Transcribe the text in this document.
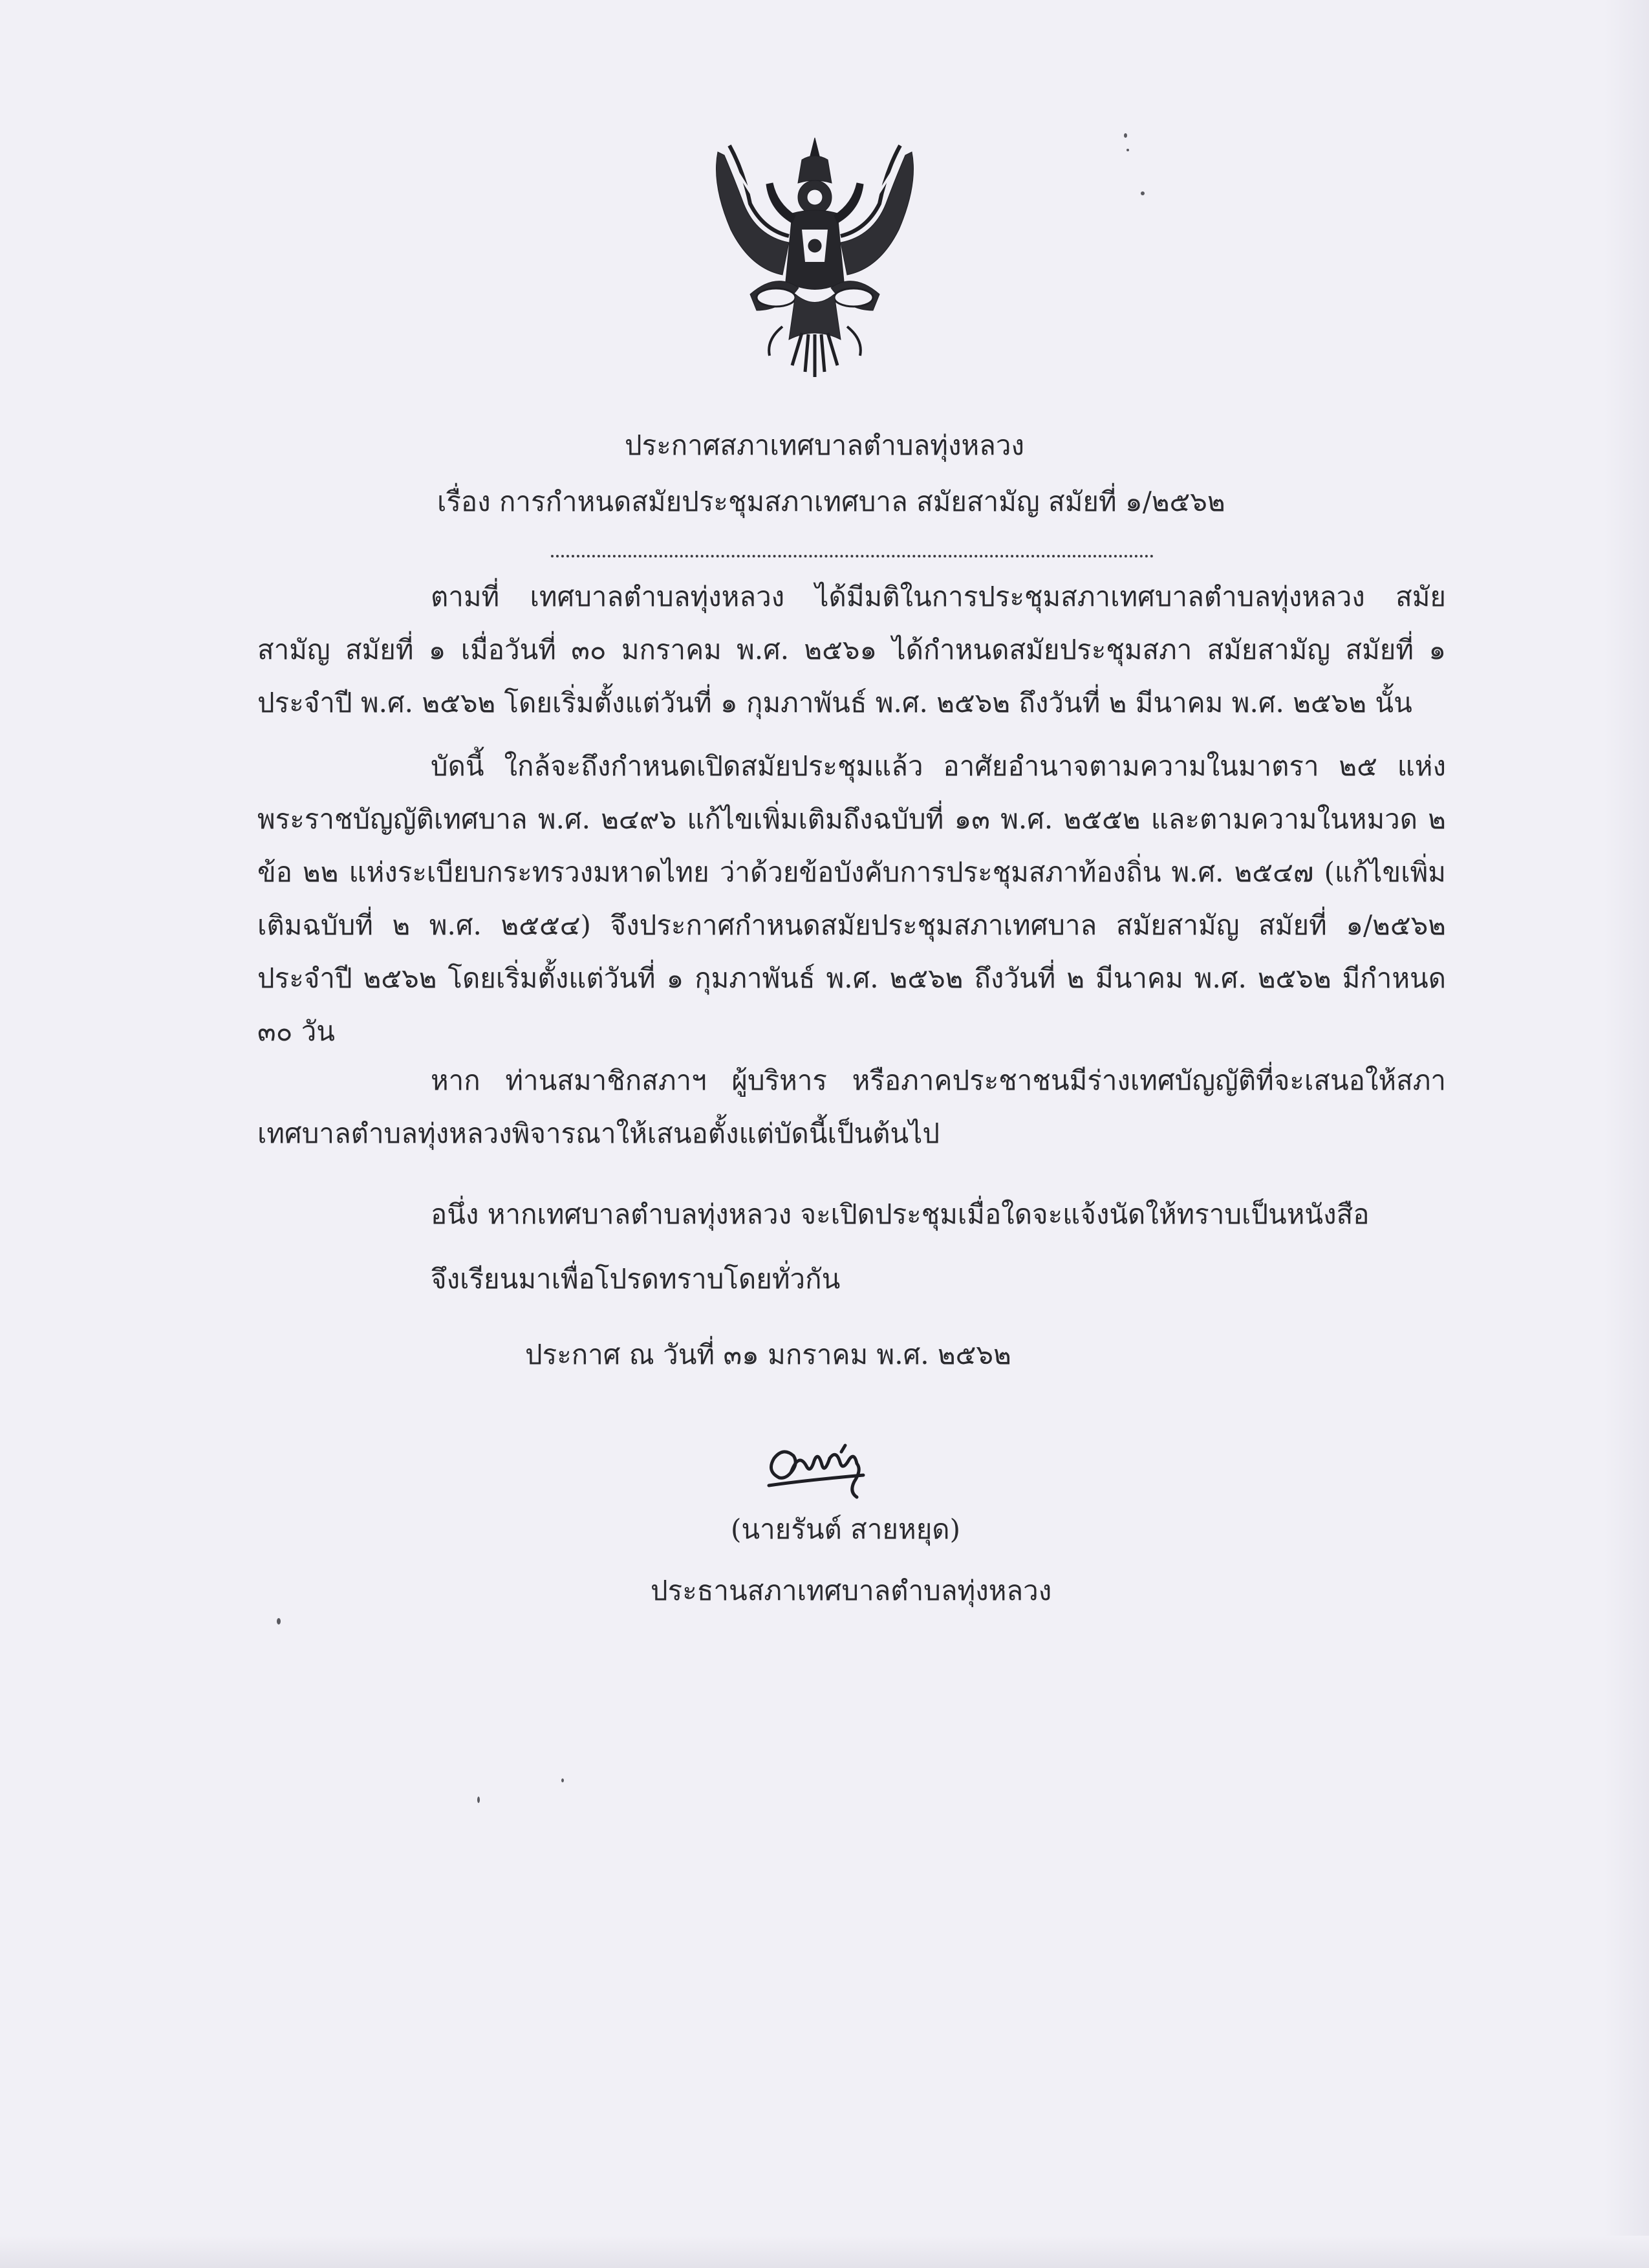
ประกาศสภาเทศบาลตำบลทุ่งหลวง
เรื่อง การกำหนดสมัยประชุมสภาเทศบาล สมัยสามัญ สมัยที่ ๑/๒๕๖๒
ตามที่ เทศบาลตำบลทุ่งหลวง ได้มีมติในการประชุมสภาเทศบาลตำบลทุ่งหลวง สมัยสามัญ สมัยที่ ๑ เมื่อวันที่ ๓๐ มกราคม พ.ศ. ๒๕๖๑ ได้กำหนดสมัยประชุมสภา สมัยสามัญ สมัยที่ ๑ ประจำปี พ.ศ. ๒๕๖๒ โดยเริ่มตั้งแต่วันที่ ๑ กุมภาพันธ์ พ.ศ. ๒๕๖๒ ถึงวันที่ ๒ มีนาคม พ.ศ. ๒๕๖๒ นั้น
บัดนี้ ใกล้จะถึงกำหนดเปิดสมัยประชุมแล้ว อาศัยอำนาจตามความในมาตรา ๒๕ แห่งพระราชบัญญัติเทศบาล พ.ศ. ๒๔๙๖ แก้ไขเพิ่มเติมถึงฉบับที่ ๑๓ พ.ศ. ๒๕๕๒ และตามความในหมวด ๒ ข้อ ๒๒ แห่งระเบียบกระทรวงมหาดไทย ว่าด้วยข้อบังคับการประชุมสภาท้องถิ่น พ.ศ. ๒๕๔๗ (แก้ไขเพิ่มเติมฉบับที่ ๒ พ.ศ. ๒๕๕๔) จึงประกาศกำหนดสมัยประชุมสภาเทศบาล สมัยสามัญ สมัยที่ ๑/๒๕๖๒ ประจำปี ๒๕๖๒ โดยเริ่มตั้งแต่วันที่ ๑ กุมภาพันธ์ พ.ศ. ๒๕๖๒ ถึงวันที่ ๒ มีนาคม พ.ศ. ๒๕๖๒ มีกำหนด ๓๐ วัน
หาก ท่านสมาชิกสภาฯ ผู้บริหาร หรือภาคประชาชนมีร่างเทศบัญญัติที่จะเสนอให้สภาเทศบาลตำบลทุ่งหลวงพิจารณาให้เสนอตั้งแต่บัดนี้เป็นต้นไป
อนึ่ง หากเทศบาลตำบลทุ่งหลวง จะเปิดประชุมเมื่อใดจะแจ้งนัดให้ทราบเป็นหนังสือ
จึงเรียนมาเพื่อโปรดทราบโดยทั่วกัน
ประกาศ ณ วันที่ ๓๑ มกราคม พ.ศ. ๒๕๖๒
(นายรันต์ สายหยุด)
ประธานสภาเทศบาลตำบลทุ่งหลวง
